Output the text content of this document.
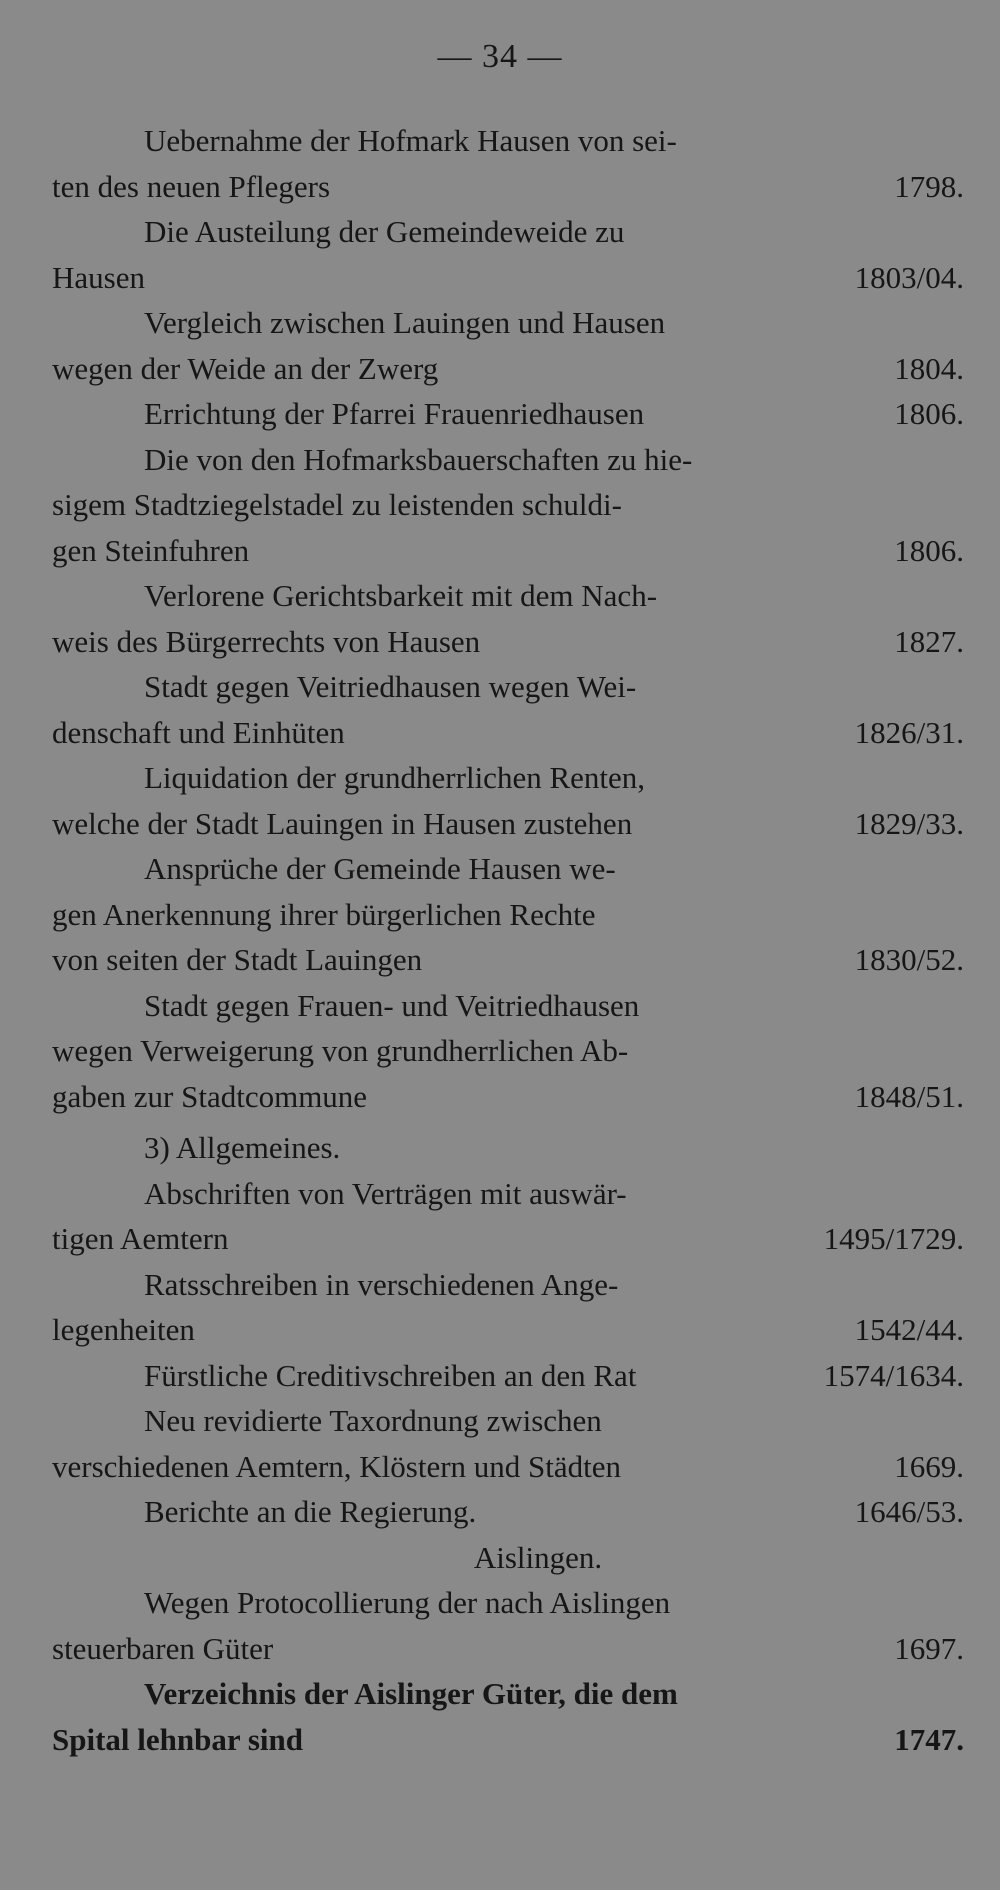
— 34 —
Uebernahme der Hofmark Hausen von sei-
ten des neuen Pflegers	1798.
Die Austeilung der Gemeindeweide zu
Hausen	1803/04.
Vergleich zwischen Lauingen und Hausen
wegen der Weide an der Zwerg	1804.
Errichtung der Pfarrei Frauenriedhausen	1806.
Die von den Hofmarksbauerschaften zu hie-
sigem Stadtziegelstadel zu leistenden schuldi-
gen Steinfuhren	1806.
Verlorene Gerichtsbarkeit mit dem Nach-
weis des Bürgerrechts von Hausen	1827.
Stadt gegen Veitriedhausen wegen Wei-
denschaft und Einhüten	1826/31.
Liquidation der grundherrlichen Renten,
welche der Stadt Lauingen in Hausen zustehen	1829/33.
Ansprüche der Gemeinde Hausen we-
gen Anerkennung ihrer bürgerlichen Rechte
von seiten der Stadt Lauingen	1830/52.
Stadt gegen Frauen- und Veitriedhausen
wegen Verweigerung von grundherrlichen Ab-
gaben zur Stadtcommune	1848/51.
3) Allgemeines.
Abschriften von Verträgen mit auswär-
tigen Aemtern	1495/1729.
Ratsschreiben in verschiedenen Ange-
legenheiten	1542/44.
Fürstliche Creditivschreiben an den Rat	1574/1634.
Neu revidierte Taxordnung zwischen
verschiedenen Aemtern, Klöstern und Städten	1669.
Berichte an die Regierung.	1646/53.
Aislingen.
Wegen Protocollierung der nach Aislingen
steuerbaren Güter	1697.
Verzeichnis der Aislinger Güter, die dem
Spital lehnbar sind	1747.
